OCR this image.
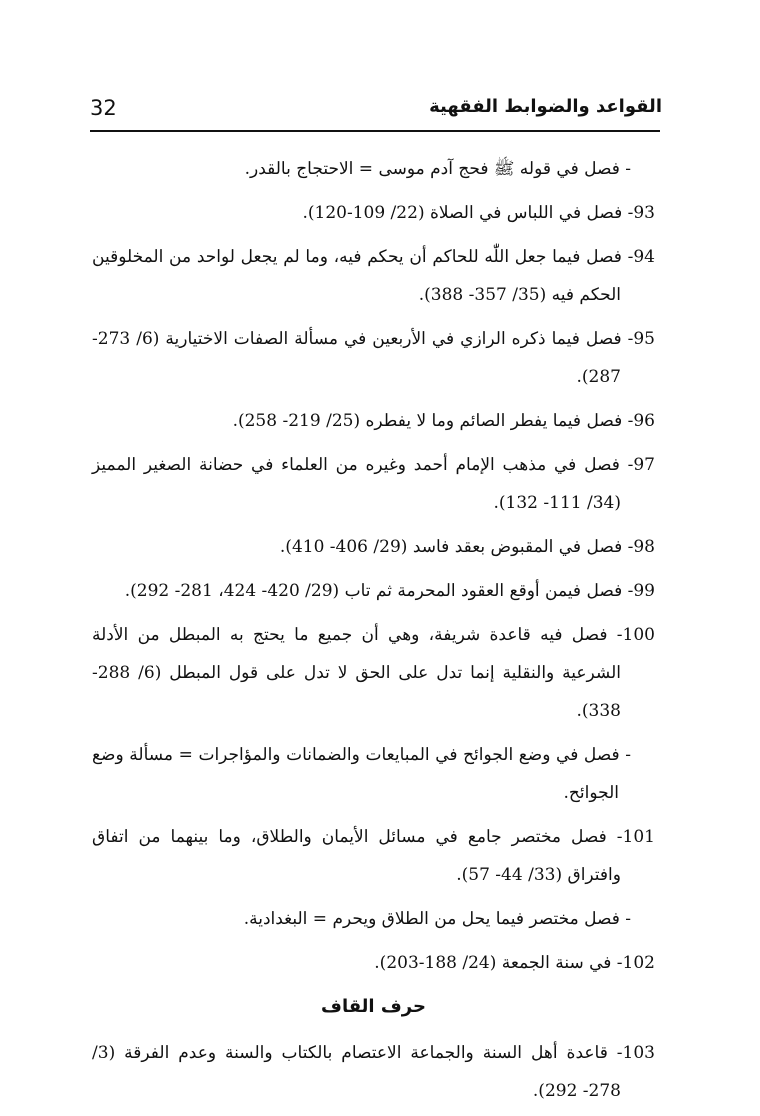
32	القواعد والضوابط الفقهية

- فصل في قوله ﷺ فحج آدم موسى = الاحتجاج بالقدر.

93- فصل في اللباس في الصلاة (22/ 109-120).

94- فصل فيما جعل اللّٰه للحاكم أن يحكم فيه، وما لم يجعل لواحد من المخلوقين الحكم فيه (35/ 357- 388).

95- فصل فيما ذكره الرازي في الأربعين في مسألة الصفات الاختيارية (6/ 273-287).

96- فصل فيما يفطر الصائم وما لا يفطره (25/ 219- 258).

97- فصل في مذهب الإمام أحمد وغيره من العلماء في حضانة الصغير المميز (34/ 111- 132).

98- فصل في المقبوض بعقد فاسد (29/ 406- 410).

99- فصل فيمن أوقع العقود المحرمة ثم تاب (29/ 420- 424، 281- 292).

100- فصل فيه قاعدة شريفة، وهي أن جميع ما يحتج به المبطل من الأدلة الشرعية والنقلية إنما تدل على الحق لا تدل على قول المبطل (6/ 288-338).

- فصل في وضع الجوائح في المبايعات والضمانات والمؤاجرات = مسألة وضع الجوائح.

101- فصل مختصر جامع في مسائل الأيمان والطلاق، وما بينهما من اتفاق وافتراق (33/ 44- 57).

- فصل مختصر فيما يحل من الطلاق ويحرم = البغدادية.

102- في سنة الجمعة (24/ 188-203).

حرف القاف

103- قاعدة أهل السنة والجماعة الاعتصام بالكتاب والسنة وعدم الفرقة (3/ 278- 292).
